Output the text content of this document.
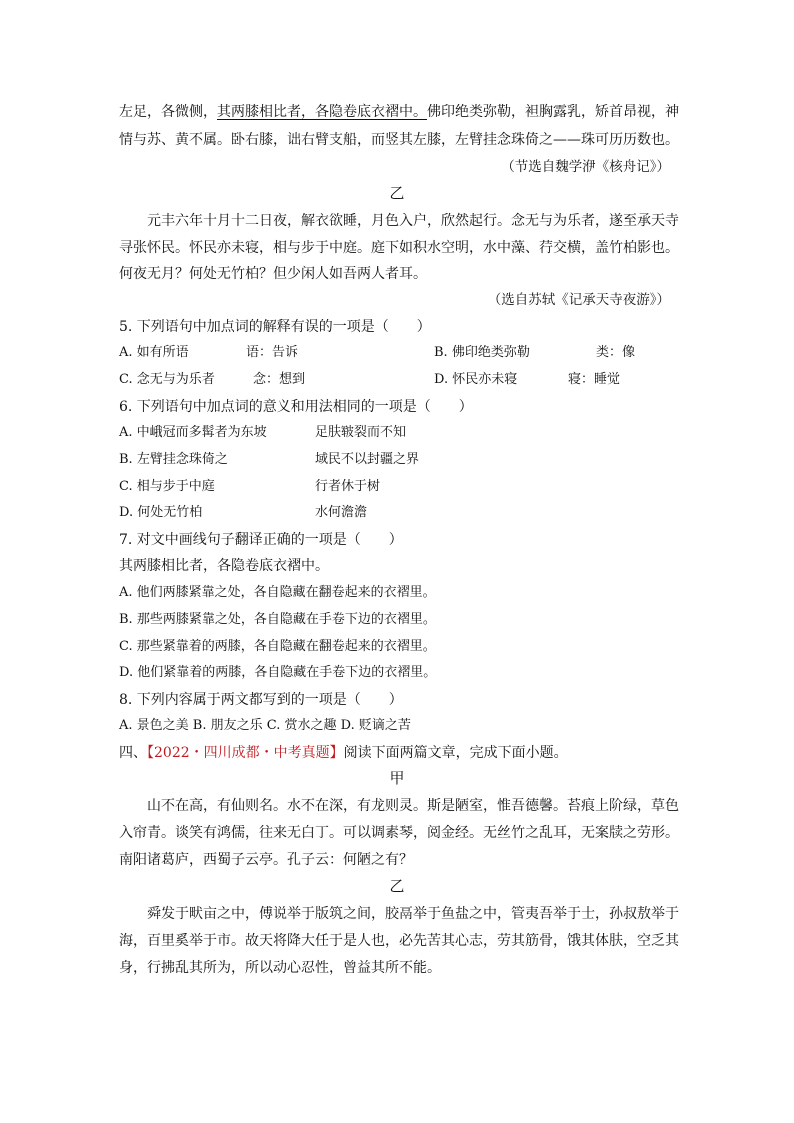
左足，各微侧，其两膝相比者，各隐卷底衣褶中。佛印绝类弥勒，袒胸露乳，矫首昂视，神
情与苏、黄不属。卧右膝，诎右臂支船，而竖其左膝，左臂挂念珠倚之——珠可历历数也。
（节选自魏学洢《核舟记》）
乙
元丰六年十月十二日夜，解衣欲睡，月色入户，欣然起行。念无与为乐者，遂至承天寺
寻张怀民。怀民亦未寝，相与步于中庭。庭下如积水空明，水中藻、荇交横，盖竹柏影也。
何夜无月？何处无竹柏？但少闲人如吾两人者耳。
（选自苏轼《记承天寺夜游》）
5. 下列语句中加点词的解释有误的一项是（　　）
A. 如有所语	语：告诉	B. 佛印绝类弥勒	类：像
C. 念无与为乐者	念：想到	D. 怀民亦未寝	寝：睡觉
6. 下列语句中加点词的意义和用法相同的一项是（　　）
A. 中峨冠而多髯者为东坡	足肤皲裂而不知
B. 左臂挂念珠倚之	域民不以封疆之界
C. 相与步于中庭	行者休于树
D. 何处无竹柏	水何澹澹
7. 对文中画线句子翻译正确的一项是（　　）
其两膝相比者，各隐卷底衣褶中。
A. 他们两膝紧靠之处，各自隐藏在翻卷起来的衣褶里。
B. 那些两膝紧靠之处，各自隐藏在手卷下边的衣褶里。
C. 那些紧靠着的两膝，各自隐藏在翻卷起来的衣褶里。
D. 他们紧靠着的两膝，各自隐藏在手卷下边的衣褶里。
8. 下列内容属于两文都写到的一项是（　　）
A. 景色之美 B. 朋友之乐 C. 赏水之趣 D. 贬谪之苦
四、【2022・四川成都・中考真题】阅读下面两篇文章，完成下面小题。
甲
山不在高，有仙则名。水不在深，有龙则灵。斯是陋室，惟吾德馨。苔痕上阶绿，草色
入帘青。谈笑有鸿儒，往来无白丁。可以调素琴，阅金经。无丝竹之乱耳，无案牍之劳形。
南阳诸葛庐，西蜀子云亭。孔子云：何陋之有？
乙
舜发于畎亩之中，傅说举于版筑之间，胶鬲举于鱼盐之中，管夷吾举于士，孙叔敖举于
海，百里奚举于市。故天将降大任于是人也，必先苦其心志，劳其筋骨，饿其体肤，空乏其
身，行拂乱其所为，所以动心忍性，曾益其所不能。
